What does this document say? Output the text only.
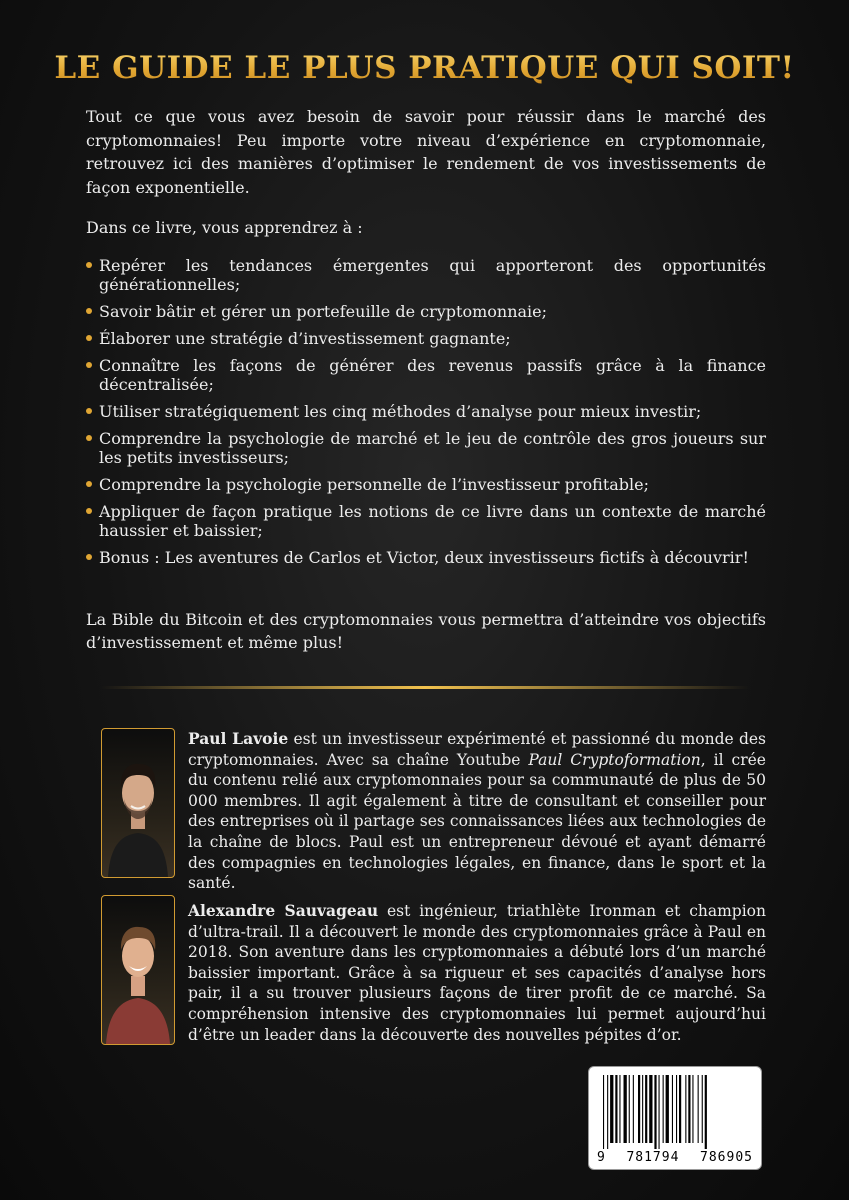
LE GUIDE LE PLUS PRATIQUE QUI SOIT!

Tout ce que vous avez besoin de savoir pour réussir dans le marché des cryptomonnaies! Peu importe votre niveau d’expérience en cryptomonnaie, retrouvez ici des manières d’optimiser le rendement de vos investissements de façon exponentielle.

Dans ce livre, vous apprendrez à :

Repérer les tendances émergentes qui apporteront des opportunités générationnelles;
Savoir bâtir et gérer un portefeuille de cryptomonnaie;
Élaborer une stratégie d’investissement gagnante;
Connaître les façons de générer des revenus passifs grâce à la finance décentralisée;
Utiliser stratégiquement les cinq méthodes d’analyse pour mieux investir;
Comprendre la psychologie de marché et le jeu de contrôle des gros joueurs sur les petits investisseurs;
Comprendre la psychologie personnelle de l’investisseur profitable;
Appliquer de façon pratique les notions de ce livre dans un contexte de marché haussier et baissier;
Bonus : Les aventures de Carlos et Victor, deux investisseurs fictifs à découvrir!

La Bible du Bitcoin et des cryptomonnaies vous permettra d’atteindre vos objectifs d’investissement et même plus!

Paul Lavoie est un investisseur expérimenté et passionné du monde des cryptomonnaies. Avec sa chaîne Youtube Paul Cryptoformation, il crée du contenu relié aux cryptomonnaies pour sa communauté de plus de 50 000 membres. Il agit également à titre de consultant et conseiller pour des entreprises où il partage ses connaissances liées aux technologies de la chaîne de blocs. Paul est un entrepreneur dévoué et ayant démarré des compagnies en technologies légales, en finance, dans le sport et la santé.

Alexandre Sauvageau est ingénieur, triathlète Ironman et champion d’ultra-trail. Il a découvert le monde des cryptomonnaies grâce à Paul en 2018. Son aventure dans les cryptomonnaies a débuté lors d’un marché baissier important. Grâce à sa rigueur et ses capacités d’analyse hors pair, il a su trouver plusieurs façons de tirer profit de ce marché. Sa compréhension intensive des cryptomonnaies lui permet aujourd’hui d’être un leader dans la découverte des nouvelles pépites d’or.

9 781794 786905
